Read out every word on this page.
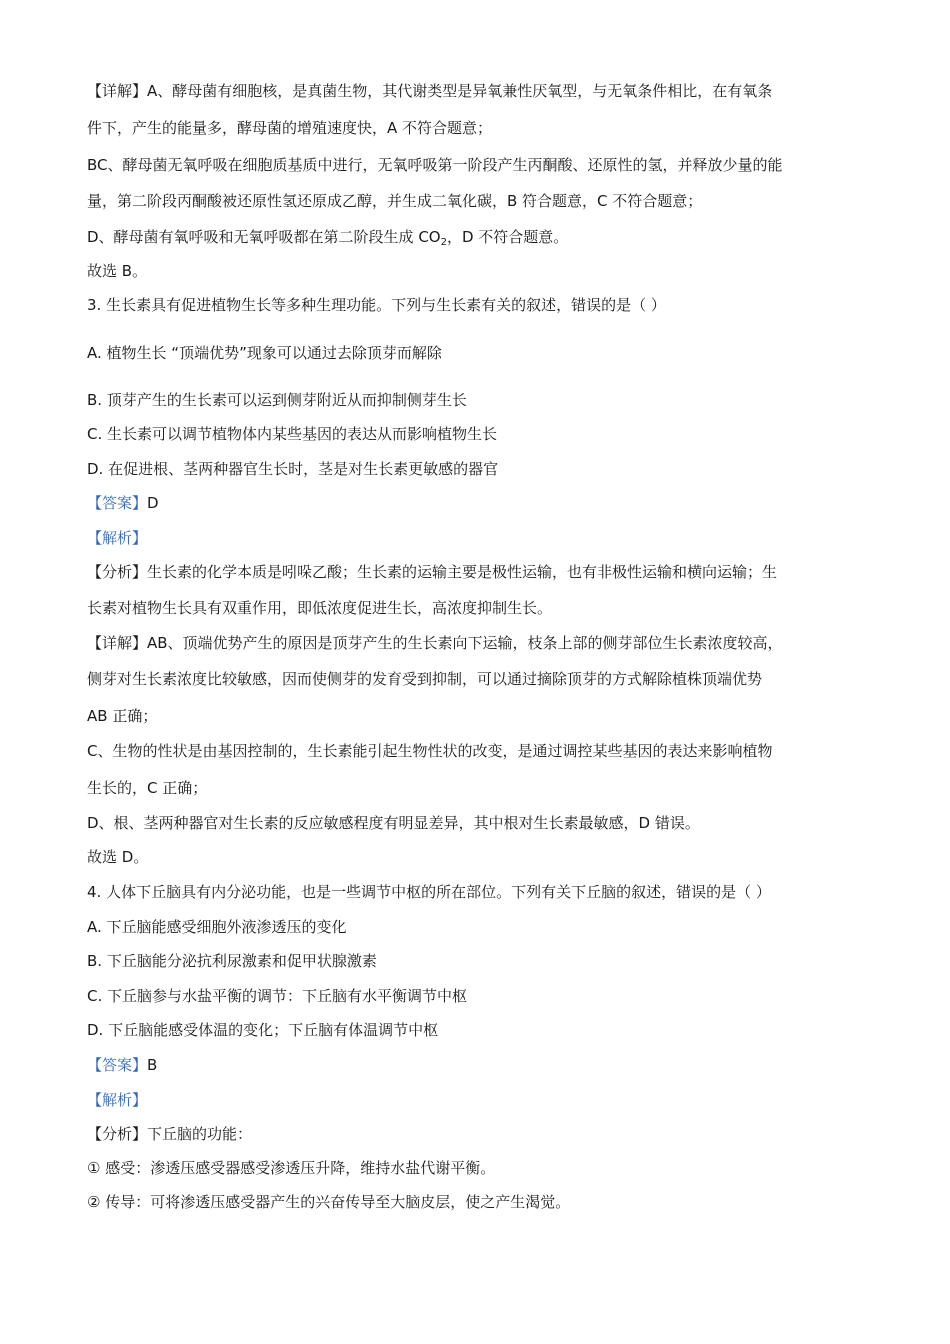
【详解】A、酵母菌有细胞核，是真菌生物，其代谢类型是异氧兼性厌氧型，与无氧条件相比，在有氧条
件下，产生的能量多，酵母菌的增殖速度快，A 不符合题意；
BC、酵母菌无氧呼吸在细胞质基质中进行，无氧呼吸第一阶段产生丙酮酸、还原性的氢，并释放少量的能
量，第二阶段丙酮酸被还原性氢还原成乙醇，并生成二氧化碳，B 符合题意，C 不符合题意；
D、酵母菌有氧呼吸和无氧呼吸都在第二阶段生成 $CO_2$，D 不符合题意。
故选 B。
3. 生长素具有促进植物生长等多种生理功能。下列与生长素有关的叙述，错误的是（ ）
A. 植物生长 “顶端优势”现象可以通过去除顶芽而解除
B. 顶芽产生的生长素可以运到侧芽附近从而抑制侧芽生长
C. 生长素可以调节植物体内某些基因的表达从而影响植物生长
D. 在促进根、茎两种器官生长时，茎是对生长素更敏感的器官
【答案】D
【解析】
【分析】生长素的化学本质是吲哚乙酸；生长素的运输主要是极性运输，也有非极性运输和横向运输；生
长素对植物生长具有双重作用，即低浓度促进生长，高浓度抑制生长。
【详解】AB、顶端优势产生的原因是顶芽产生的生长素向下运输，枝条上部的侧芽部位生长素浓度较高，
侧芽对生长素浓度比较敏感，因而使侧芽的发育受到抑制，可以通过摘除顶芽的方式解除植株顶端优势
AB 正确；
C、生物的性状是由基因控制的，生长素能引起生物性状的改变，是通过调控某些基因的表达来影响植物
生长的，C 正确；
D、根、茎两种器官对生长素的反应敏感程度有明显差异，其中根对生长素最敏感，D 错误。
故选 D。
4. 人体下丘脑具有内分泌功能，也是一些调节中枢的所在部位。下列有关下丘脑的叙述，错误的是（ ）
A. 下丘脑能感受细胞外液渗透压的变化
B. 下丘脑能分泌抗利尿激素和促甲状腺激素
C. 下丘脑参与水盐平衡的调节：下丘脑有水平衡调节中枢
D. 下丘脑能感受体温的变化；下丘脑有体温调节中枢
【答案】B
【解析】
【分析】下丘脑的功能：
① 感受：渗透压感受器感受渗透压升降，维持水盐代谢平衡。
② 传导：可将渗透压感受器产生的兴奋传导至大脑皮层，使之产生渴觉。
